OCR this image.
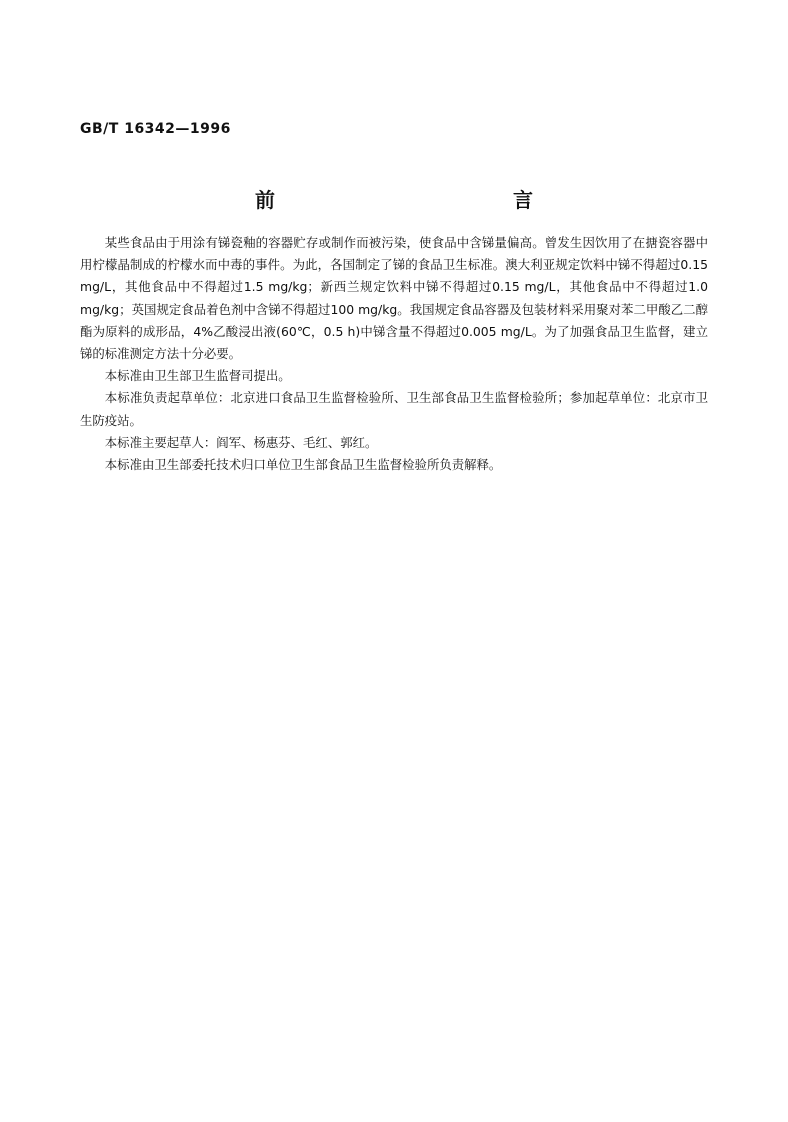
GB/T 16342—1996
前　　言

某些食品由于用涂有锑瓷釉的容器贮存或制作而被污染，使食品中含锑量偏高。曾发生因饮用了在搪瓷容器中用柠檬晶制成的柠檬水而中毒的事件。为此，各国制定了锑的食品卫生标准。澳大利亚规定饮料中锑不得超过0.15 mg/L，其他食品中不得超过1.5 mg/kg；新西兰规定饮料中锑不得超过0.15 mg/L，其他食品中不得超过1.0 mg/kg；英国规定食品着色剂中含锑不得超过100 mg/kg。我国规定食品容器及包装材料采用聚对苯二甲酸乙二醇酯为原料的成形品，4%乙酸浸出液(60℃，0.5 h)中锑含量不得超过0.005 mg/L。为了加强食品卫生监督，建立锑的标准测定方法十分必要。

本标准由卫生部卫生监督司提出。

本标准负责起草单位：北京进口食品卫生监督检验所、卫生部食品卫生监督检验所；参加起草单位：北京市卫生防疫站。

本标准主要起草人：阎军、杨惠芬、毛红、郭红。

本标准由卫生部委托技术归口单位卫生部食品卫生监督检验所负责解释。
